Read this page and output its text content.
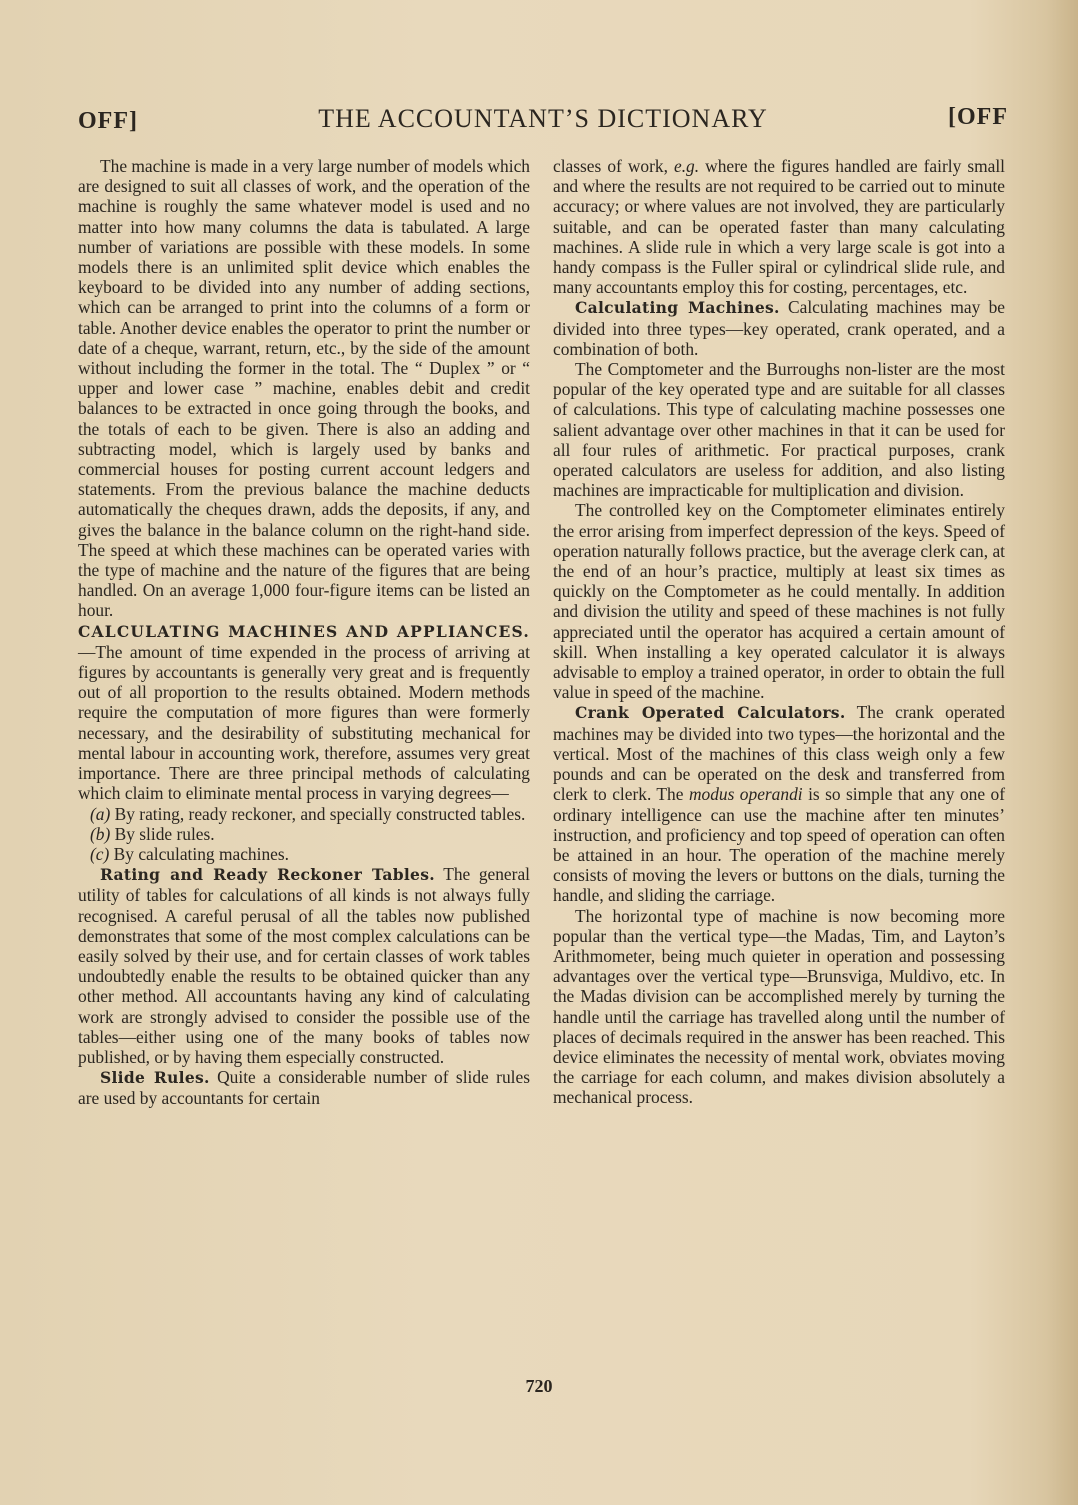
OFF]	THE ACCOUNTANT’S DICTIONARY	[OFF

The machine is made in a very large number of models which are designed to suit all classes of work, and the operation of the machine is roughly the same whatever model is used and no matter into how many columns the data is tabulated. A large number of variations are possible with these models. In some models there is an unlimited split device which enables the keyboard to be divided into any number of adding sections, which can be arranged to print into the columns of a form or table. Another device enables the operator to print the number or date of a cheque, warrant, return, etc., by the side of the amount without including the former in the total. The “ Duplex ” or “ upper and lower case ” machine, enables debit and credit balances to be extracted in once going through the books, and the totals of each to be given. There is also an adding and subtracting model, which is largely used by banks and commercial houses for posting current account ledgers and statements. From the previous balance the machine deducts automatically the cheques drawn, adds the deposits, if any, and gives the balance in the balance column on the right-hand side. The speed at which these machines can be operated varies with the type of machine and the nature of the figures that are being handled. On an average 1,000 four-figure items can be listed an hour.

CALCULATING MACHINES AND APPLIANCES.—The amount of time expended in the process of arriving at figures by accountants is generally very great and is frequently out of all proportion to the results obtained. Modern methods require the computation of more figures than were formerly necessary, and the desirability of substituting mechanical for mental labour in accounting work, therefore, assumes very great importance. There are three principal methods of calculating which claim to eliminate mental process in varying degrees—

(a) By rating, ready reckoner, and specially constructed tables.

(b) By slide rules.

(c) By calculating machines.

Rating and Ready Reckoner Tables. The general utility of tables for calculations of all kinds is not always fully recognised. A careful perusal of all the tables now published demonstrates that some of the most complex calculations can be easily solved by their use, and for certain classes of work tables undoubtedly enable the results to be obtained quicker than any other method. All accountants having any kind of calculating work are strongly advised to consider the possible use of the tables—either using one of the many books of tables now published, or by having them especially constructed.

Slide Rules. Quite a considerable number of slide rules are used by accountants for certain

classes of work, e.g. where the figures handled are fairly small and where the results are not required to be carried out to minute accuracy; or where values are not involved, they are particularly suitable, and can be operated faster than many calculating machines. A slide rule in which a very large scale is got into a handy compass is the Fuller spiral or cylindrical slide rule, and many accountants employ this for costing, percentages, etc.

Calculating Machines. Calculating machines may be divided into three types—key operated, crank operated, and a combination of both.

The Comptometer and the Burroughs non-lister are the most popular of the key operated type and are suitable for all classes of calculations. This type of calculating machine possesses one salient advantage over other machines in that it can be used for all four rules of arithmetic. For practical purposes, crank operated calculators are useless for addition, and also listing machines are impracticable for multiplication and division.

The controlled key on the Comptometer eliminates entirely the error arising from imperfect depression of the keys. Speed of operation naturally follows practice, but the average clerk can, at the end of an hour’s practice, multiply at least six times as quickly on the Comptometer as he could mentally. In addition and division the utility and speed of these machines is not fully appreciated until the operator has acquired a certain amount of skill. When installing a key operated calculator it is always advisable to employ a trained operator, in order to obtain the full value in speed of the machine.

Crank Operated Calculators. The crank operated machines may be divided into two types—the horizontal and the vertical. Most of the machines of this class weigh only a few pounds and can be operated on the desk and transferred from clerk to clerk. The modus operandi is so simple that any one of ordinary intelligence can use the machine after ten minutes’ instruction, and proficiency and top speed of operation can often be attained in an hour. The operation of the machine merely consists of moving the levers or buttons on the dials, turning the handle, and sliding the carriage.

The horizontal type of machine is now becoming more popular than the vertical type—the Madas, Tim, and Layton’s Arithmometer, being much quieter in operation and possessing advantages over the vertical type—Brunsviga, Muldivo, etc. In the Madas division can be accomplished merely by turning the handle until the carriage has travelled along until the number of places of decimals required in the answer has been reached. This device eliminates the necessity of mental work, obviates moving the carriage for each column, and makes division absolutely a mechanical process.

720
